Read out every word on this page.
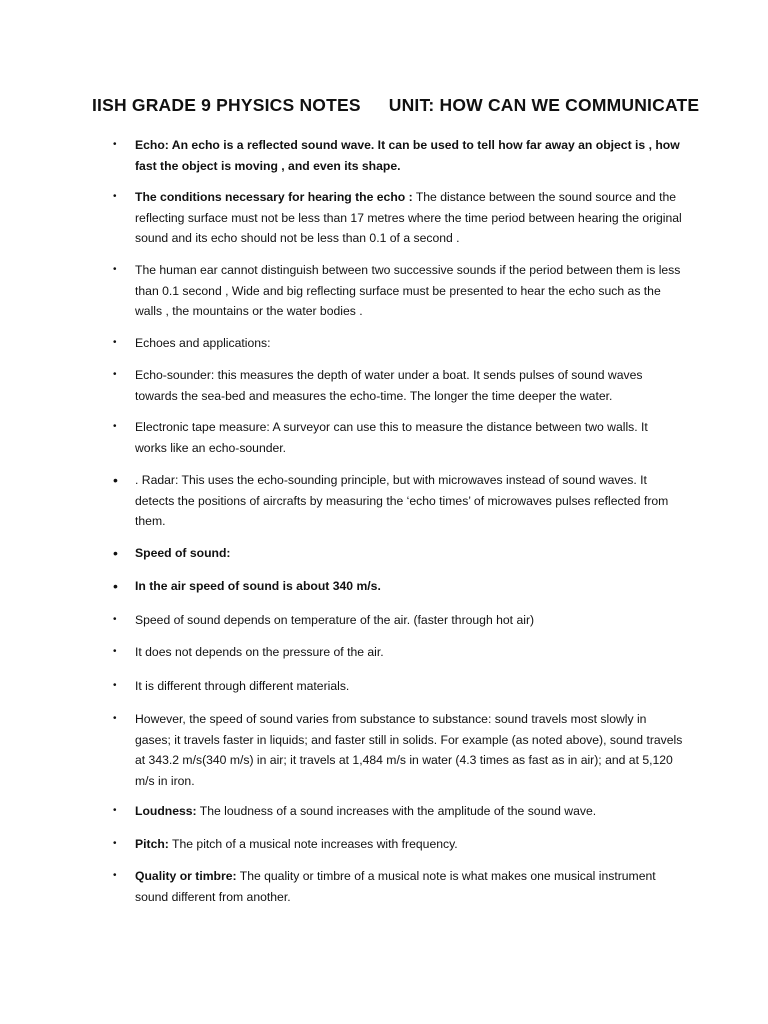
IISH GRADE 9 PHYSICS NOTES UNIT: HOW CAN WE COMMUNICATE
• Echo: An echo is a reflected sound wave. It can be used to tell how far away an object is , how fast the object is moving , and even its shape.
• The conditions necessary for hearing the echo : The distance between the sound source and the reflecting surface must not be less than 17 metres where the time period between hearing the original sound and its echo should not be less than 0.1 of a second .
• The human ear cannot distinguish between two successive sounds if the period between them is less than 0.1 second , Wide and big reflecting surface must be presented to hear the echo such as the walls , the mountains or the water bodies .
• Echoes and applications:
• Echo-sounder: this measures the depth of water under a boat. It sends pulses of sound waves towards the sea-bed and measures the echo-time. The longer the time deeper the water.
• Electronic tape measure: A surveyor can use this to measure the distance between two walls. It works like an echo-sounder.
• . Radar: This uses the echo-sounding principle, but with microwaves instead of sound waves. It detects the positions of aircrafts by measuring the ‘echo times’ of microwaves pulses reflected from them.
• Speed of sound:
• In the air speed of sound is about 340 m/s.
• Speed of sound depends on temperature of the air. (faster through hot air)
• It does not depends on the pressure of the air.
• It is different through different materials.
• However, the speed of sound varies from substance to substance: sound travels most slowly in gases; it travels faster in liquids; and faster still in solids. For example (as noted above), sound travels at 343.2 m/s(340 m/s) in air; it travels at 1,484 m/s in water (4.3 times as fast as in air); and at 5,120 m/s in iron.
• Loudness: The loudness of a sound increases with the amplitude of the sound wave.
• Pitch: The pitch of a musical note increases with frequency.
• Quality or timbre: The quality or timbre of a musical note is what makes one musical instrument sound different from another.
